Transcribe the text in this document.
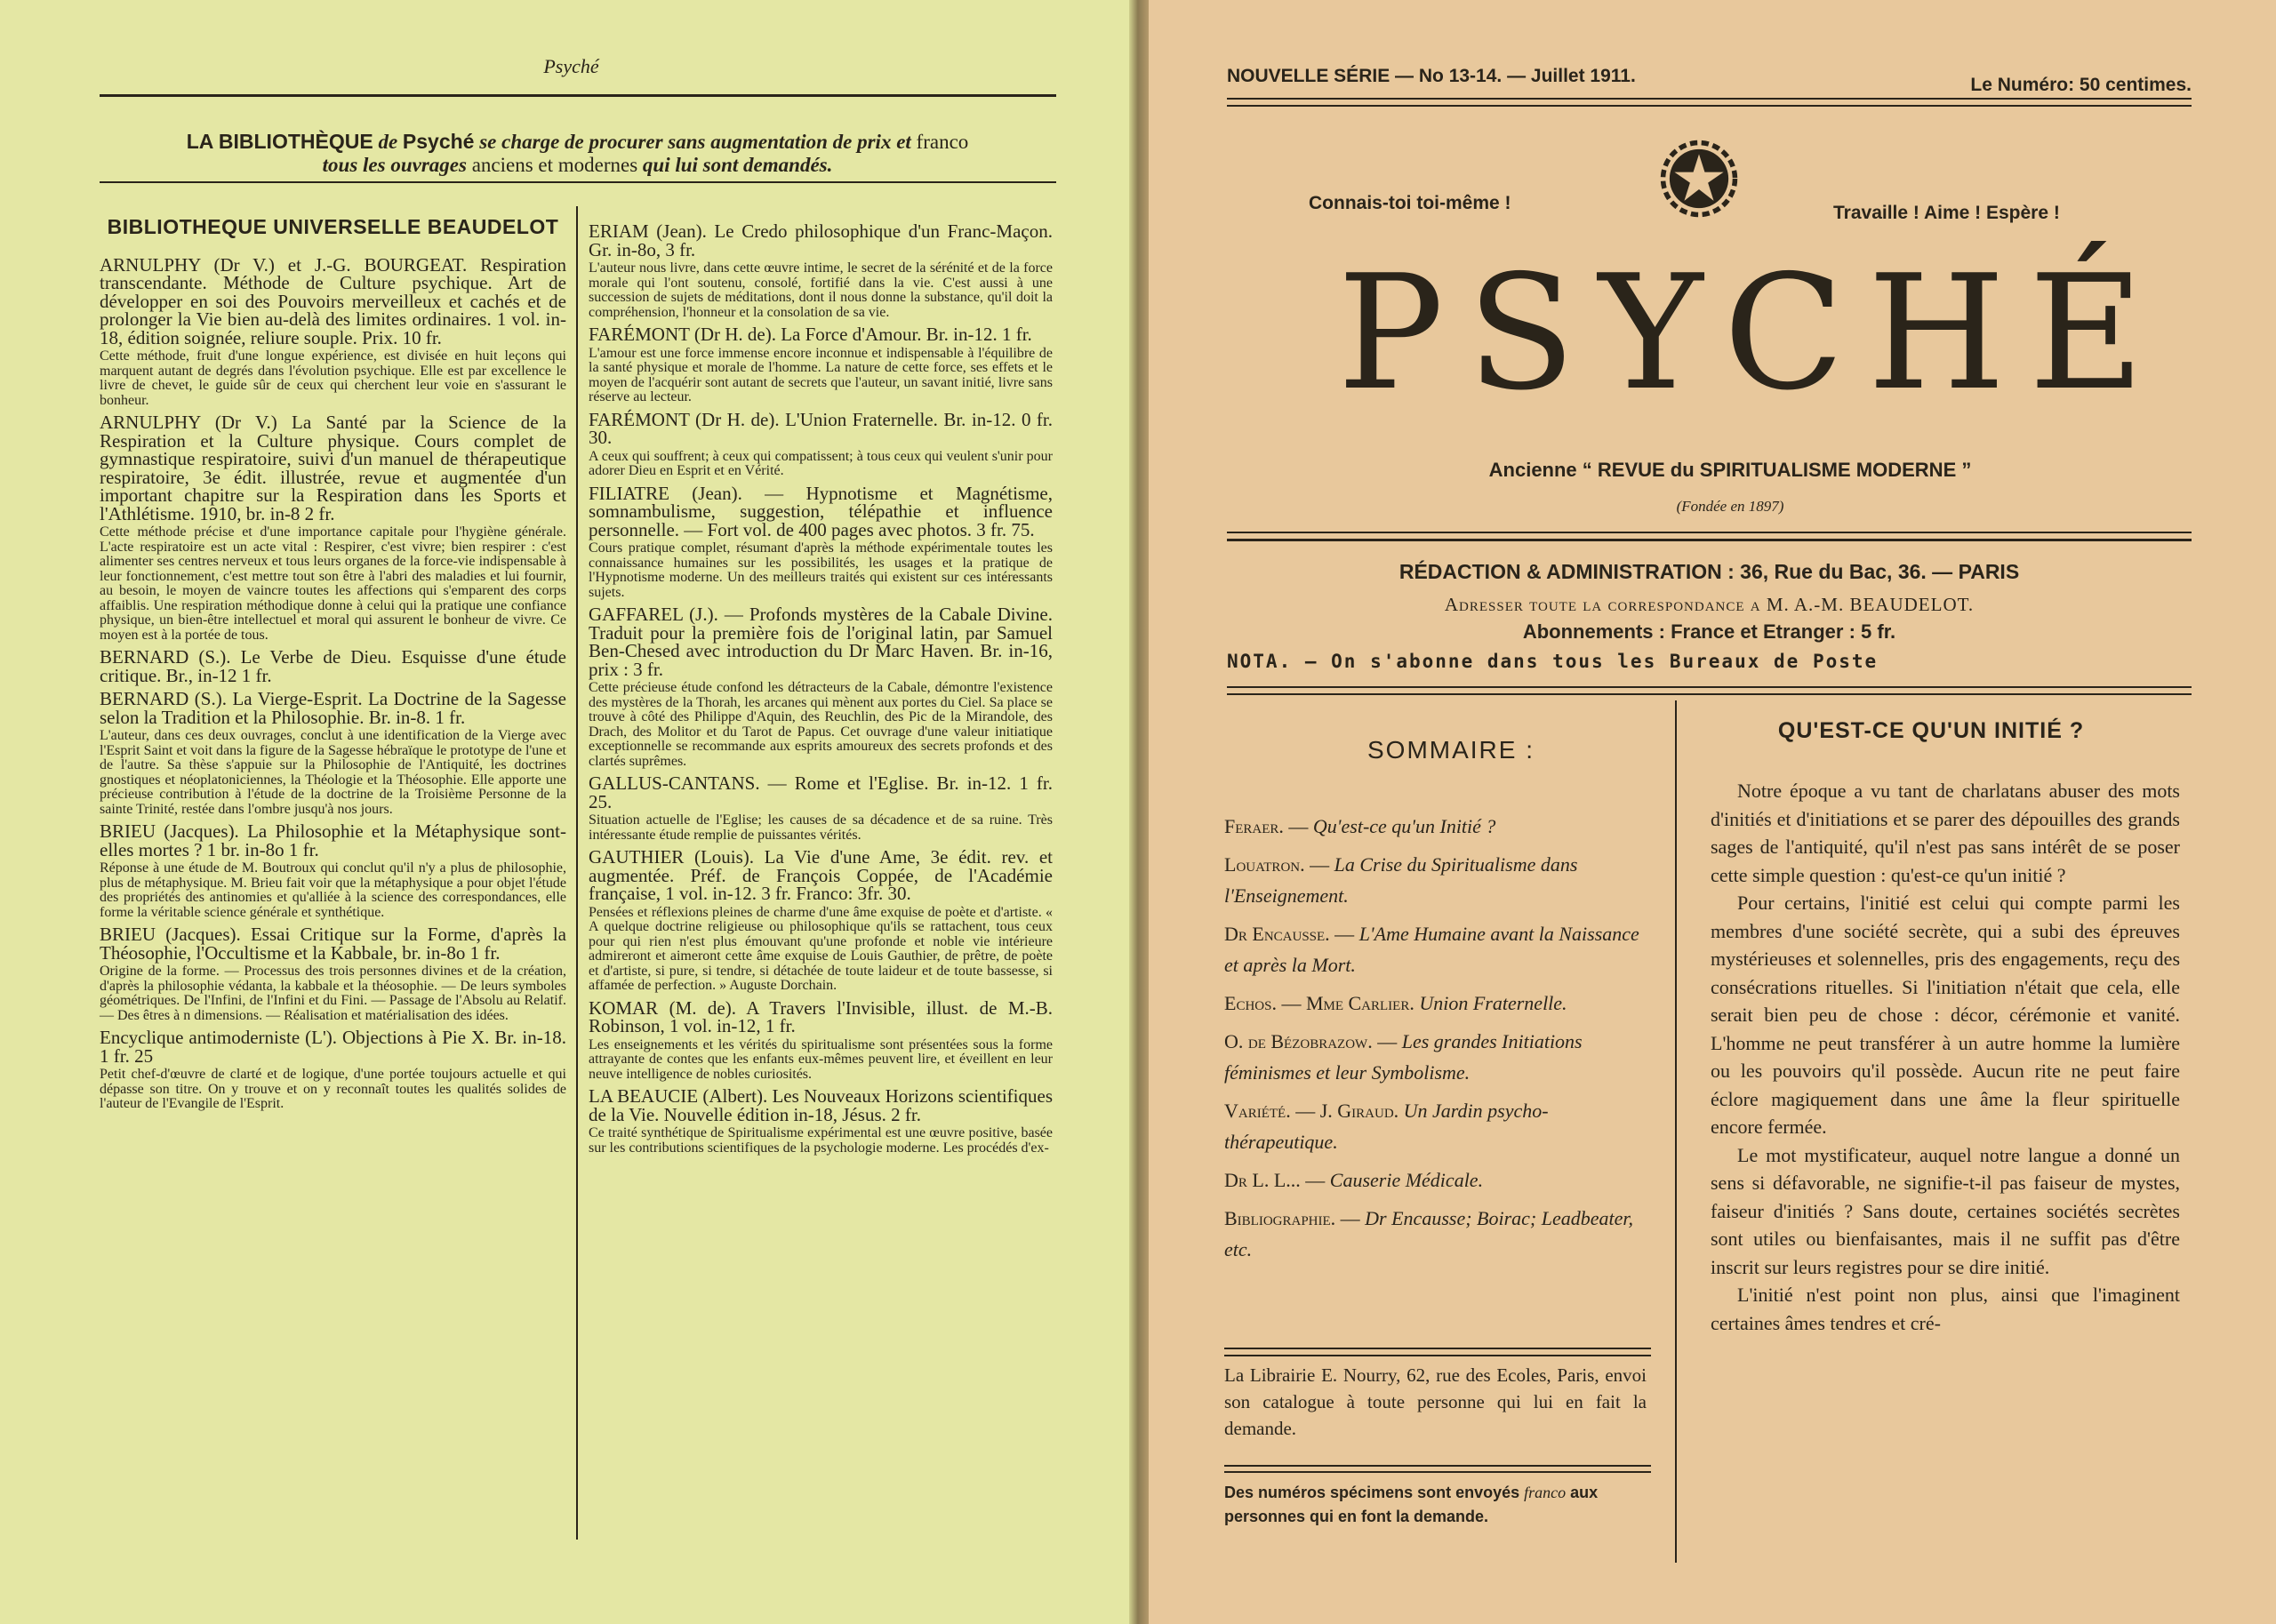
Psyché
LA BIBLIOTHÈQUE de Psyché se charge de procurer sans augmentation de prix et franco
tous les ouvrages anciens et modernes qui lui sont demandés.
BIBLIOTHEQUE UNIVERSELLE BEAUDELOT
ARNULPHY (Dr V.) et J.-G. BOURGEAT. Respiration transcendante. Méthode de Culture psychique. Art de développer en soi des Pouvoirs merveilleux et cachés et de prolonger la Vie bien au-delà des limites ordinaires. 1 vol. in-18, édition soignée, reliure souple. Prix. 10 fr.
Cette méthode, fruit d'une longue expérience, est divisée en huit leçons qui marquent autant de degrés dans l'évolution psychique. Elle est par excellence le livre de chevet, le guide sûr de ceux qui cherchent leur voie en s'assurant le bonheur.
ARNULPHY (Dr V.) La Santé par la Science de la Respiration et la Culture physique. Cours complet de gymnastique respiratoire, suivi d'un manuel de thérapeutique respiratoire, 3e édit. illustrée, revue et augmentée d'un important chapitre sur la Respiration dans les Sports et l'Athlétisme. 1910, br. in-8 2 fr.
Cette méthode précise et d'une importance capitale pour l'hygiène générale. L'acte respiratoire est un acte vital : Respirer, c'est vivre; bien respirer : c'est alimenter ses centres nerveux et tous leurs organes de la force-vie indispensable à leur fonctionnement, c'est mettre tout son être à l'abri des maladies et lui fournir, au besoin, le moyen de vaincre toutes les affections qui s'emparent des corps affaiblis. Une respiration méthodique donne à celui qui la pratique une confiance physique, un bien-être intellectuel et moral qui assurent le bonheur de vivre. Ce moyen est à la portée de tous.
BERNARD (S.). Le Verbe de Dieu. Esquisse d'une étude critique. Br., in-12 1 fr.
BERNARD (S.). La Vierge-Esprit. La Doctrine de la Sagesse selon la Tradition et la Philosophie. Br. in-8. 1 fr.
L'auteur, dans ces deux ouvrages, conclut à une identification de la Vierge avec l'Esprit Saint et voit dans la figure de la Sagesse hébraïque le prototype de l'une et de l'autre. Sa thèse s'appuie sur la Philosophie de l'Antiquité, les doctrines gnostiques et néoplatoniciennes, la Théologie et la Théosophie. Elle apporte une précieuse contribution à l'étude de la doctrine de la Troisième Personne de la sainte Trinité, restée dans l'ombre jusqu'à nos jours.
BRIEU (Jacques). La Philosophie et la Métaphysique sont-elles mortes ? 1 br. in-8o 1 fr.
Réponse à une étude de M. Boutroux qui conclut qu'il n'y a plus de philosophie, plus de métaphysique. M. Brieu fait voir que la métaphysique a pour objet l'étude des propriétés des antinomies et qu'alliée à la science des correspondances, elle forme la véritable science générale et synthétique.
BRIEU (Jacques). Essai Critique sur la Forme, d'après la Théosophie, l'Occultisme et la Kabbale, br. in-8o 1 fr.
Origine de la forme. — Processus des trois personnes divines et de la création, d'après la philosophie védanta, la kabbale et la théosophie. — De leurs symboles géométriques. De l'Infini, de l'Infini et du Fini. — Passage de l'Absolu au Relatif. — Des êtres à n dimensions. — Réalisation et matérialisation des idées.
Encyclique antimoderniste (L'). Objections à Pie X. Br. in-18. 1 fr. 25
Petit chef-d'œuvre de clarté et de logique, d'une portée toujours actuelle et qui dépasse son titre. On y trouve et on y reconnaît toutes les qualités solides de l'auteur de l'Evangile de l'Esprit.
ERIAM (Jean). Le Credo philosophique d'un Franc-Maçon. Gr. in-8o, 3 fr.
L'auteur nous livre, dans cette œuvre intime, le secret de la sérénité et de la force morale qui l'ont soutenu, consolé, fortifié dans la vie. C'est aussi à une succession de sujets de méditations, dont il nous donne la substance, qu'il doit la compréhension, l'honneur et la consolation de sa vie.
FARÉMONT (Dr H. de). La Force d'Amour. Br. in-12. 1 fr.
L'amour est une force immense encore inconnue et indispensable à l'équilibre de la santé physique et morale de l'homme. La nature de cette force, ses effets et le moyen de l'acquérir sont autant de secrets que l'auteur, un savant initié, livre sans réserve au lecteur.
FARÉMONT (Dr H. de). L'Union Fraternelle. Br. in-12. 0 fr. 30.
A ceux qui souffrent; à ceux qui compatissent; à tous ceux qui veulent s'unir pour adorer Dieu en Esprit et en Vérité.
FILIATRE (Jean). — Hypnotisme et Magnétisme, somnambulisme, suggestion, télépathie et influence personnelle. — Fort vol. de 400 pages avec photos. 3 fr. 75.
Cours pratique complet, résumant d'après la méthode expérimentale toutes les connaissance humaines sur les possibilités, les usages et la pratique de l'Hypnotisme moderne. Un des meilleurs traités qui existent sur ces intéressants sujets.
GAFFAREL (J.). — Profonds mystères de la Cabale Divine. Traduit pour la première fois de l'original latin, par Samuel Ben-Chesed avec introduction du Dr Marc Haven. Br. in-16, prix : 3 fr.
Cette précieuse étude confond les détracteurs de la Cabale, démontre l'existence des mystères de la Thorah, les arcanes qui mènent aux portes du Ciel. Sa place se trouve à côté des Philippe d'Aquin, des Reuchlin, des Pic de la Mirandole, des Drach, des Molitor et du Tarot de Papus. Cet ouvrage d'une valeur initiatique exceptionnelle se recommande aux esprits amoureux des secrets profonds et des clartés suprêmes.
GALLUS-CANTANS. — Rome et l'Eglise. Br. in-12. 1 fr. 25.
Situation actuelle de l'Eglise; les causes de sa décadence et de sa ruine. Très intéressante étude remplie de puissantes vérités.
GAUTHIER (Louis). La Vie d'une Ame, 3e édit. rev. et augmentée. Préf. de François Coppée, de l'Académie française, 1 vol. in-12. 3 fr. Franco: 3fr. 30.
Pensées et réflexions pleines de charme d'une âme exquise de poète et d'artiste. « A quelque doctrine religieuse ou philosophique qu'ils se rattachent, tous ceux pour qui rien n'est plus émouvant qu'une profonde et noble vie intérieure admireront et aimeront cette âme exquise de Louis Gauthier, de prêtre, de poète et d'artiste, si pure, si tendre, si détachée de toute laideur et de toute bassesse, si affamée de perfection. » Auguste Dorchain.
KOMAR (M. de). A Travers l'Invisible, illust. de M.-B. Robinson, 1 vol. in-12, 1 fr.
Les enseignements et les vérités du spiritualisme sont présentées sous la forme attrayante de contes que les enfants eux-mêmes peuvent lire, et éveillent en leur neuve intelligence de nobles curiosités.
LA BEAUCIE (Albert). Les Nouveaux Horizons scientifiques de la Vie. Nouvelle édition in-18, Jésus. 2 fr.
Ce traité synthétique de Spiritualisme expérimental est une œuvre positive, basée sur les contributions scientifiques de la psychologie moderne. Les procédés d'ex-
NOUVELLE SÉRIE — No 13-14. — Juillet 1911.	Le Numéro: 50 centimes.
Connais-toi toi-même !	Travaille ! Aime ! Espère !
PSYCHÉ
Ancienne “ REVUE du SPIRITUALISME MODERNE ”
(Fondée en 1897)
RÉDACTION & ADMINISTRATION : 36, Rue du Bac, 36. — PARIS
Adresser toute la correspondance a M. A.-M. BEAUDELOT.
Abonnements : France et Etranger : 5 fr.
NOTA. — On s'abonne dans tous les Bureaux de Poste
SOMMAIRE :
Feraer. — Qu'est-ce qu'un Initié ?
Louatron. — La Crise du Spiritualisme dans l'Enseignement.
Dr Encausse. — L'Ame Humaine avant la Naissance et après la Mort.
Echos. — Mme Carlier. Union Fraternelle.
O. de Bézobrazow. — Les grandes Initiations féminismes et leur Symbolisme.
Variété. — J. Giraud. Un Jardin psycho-thérapeutique.
Dr L. L... — Causerie Médicale.
Bibliographie. — Dr Encausse; Boirac; Leadbeater, etc.
La Librairie E. Nourry, 62, rue des Ecoles, Paris, envoi son catalogue à toute personne qui lui en fait la demande.
Des numéros spécimens sont envoyés franco aux personnes qui en font la demande.
QU'EST-CE QU'UN INITIÉ ?

Notre époque a vu tant de charlatans abuser des mots d'initiés et d'initiations et se parer des dépouilles des grands sages de l'antiquité, qu'il n'est pas sans intérêt de se poser cette simple question : qu'est-ce qu'un initié ?

Pour certains, l'initié est celui qui compte parmi les membres d'une société secrète, qui a subi des épreuves mystérieuses et solennelles, pris des engagements, reçu des consécrations rituelles. Si l'initiation n'était que cela, elle serait bien peu de chose : décor, cérémonie et vanité. L'homme ne peut transférer à un autre homme la lumière ou les pouvoirs qu'il possède. Aucun rite ne peut faire éclore magiquement dans une âme la fleur spirituelle encore fermée.

Le mot mystificateur, auquel notre langue a donné un sens si défavorable, ne signifie-t-il pas faiseur de mystes, faiseur d'initiés ? Sans doute, certaines sociétés secrètes sont utiles ou bienfaisantes, mais il ne suffit pas d'être inscrit sur leurs registres pour se dire initié.

L'initié n'est point non plus, ainsi que l'imaginent certaines âmes tendres et cré-
